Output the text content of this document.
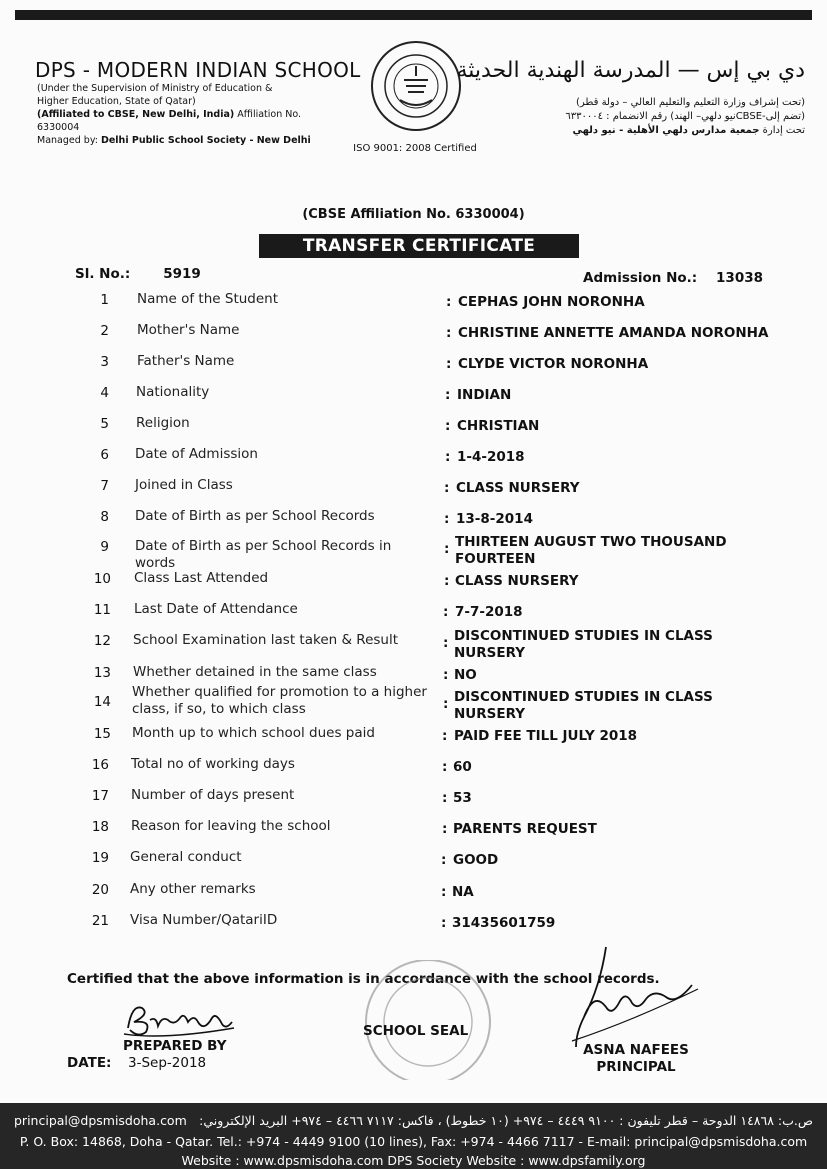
DPS - MODERN INDIAN SCHOOL
(Under the Supervision of Ministry of Education &
Higher Education, State of Qatar)
(Affiliated to CBSE, New Delhi, India) Affiliation No. 6330004
Managed by: Delhi Public School Society - New Delhi
ISO 9001: 2008 Certified
دي بي إس — المدرسة الهندية الحديثة
(تحت إشراف وزارة التعليم والتعليم العالي – دولة قطر)
(تضم إلى-CBSEنيو دلهي– الهند) رقم الانضمام : ٦٣٣٠٠٠٤
تحت إدارة جمعية مدارس دلهي الأهلية - نيو دلهي
(CBSE Affiliation No. 6330004)
TRANSFER CERTIFICATE
Sl. No.: 5919	Admission No.: 13038
1 Name of the Student	: CEPHAS JOHN NORONHA
2 Mother's Name	: CHRISTINE ANNETTE AMANDA NORONHA
3 Father's Name	: CLYDE VICTOR NORONHA
4 Nationality	: INDIAN
5 Religion	: CHRISTIAN
6 Date of Admission	: 1-4-2018
7 Joined in Class	: CLASS NURSERY
8 Date of Birth as per School Records	: 13-8-2014
9 Date of Birth as per School Records in words
: THIRTEEN AUGUST TWO THOUSAND FOURTEEN
10 Class Last Attended	: CLASS NURSERY
11 Last Date of Attendance	: 7-7-2018
12 School Examination last taken & Result	: DISCONTINUED STUDIES IN CLASS NURSERY
13 Whether detained in the same class	: NO
14
Whether qualified for promotion to a higher class, if so, to which class	: DISCONTINUED STUDIES IN CLASS NURSERY
15 Month up to which school dues paid	: PAID FEE TILL JULY 2018
16 Total no of working days	: 60
17 Number of days present	: 53
18 Reason for leaving the school	: PARENTS REQUEST
19 General conduct	: GOOD
20 Any other remarks	: NA
21 Visa Number/QatariID	: 31435601759
Certified that the above information is in accordance with the school records.
PREPARED BY
DATE: 3-Sep-2018
SCHOOL SEAL
ASNA NAFEES
PRINCIPAL
principal@dpsmisdoha.com ص.ب: ١٤٨٦٨ الدوحة – قطر تليفون : ٩١٠٠ ٤٤٤٩ – ٩٧٤+ (١٠ خطوط) ، فاكس: ٧١١٧ ٤٤٦٦ – ٩٧٤+ البريد الإلكتروني:
P. O. Box: 14868, Doha - Qatar. Tel.: +974 - 4449 9100 (10 lines), Fax: +974 - 4466 7117 - E-mail: principal@dpsmisdoha.com
Website : www.dpsmisdoha.com DPS Society Website : www.dpsfamily.org
